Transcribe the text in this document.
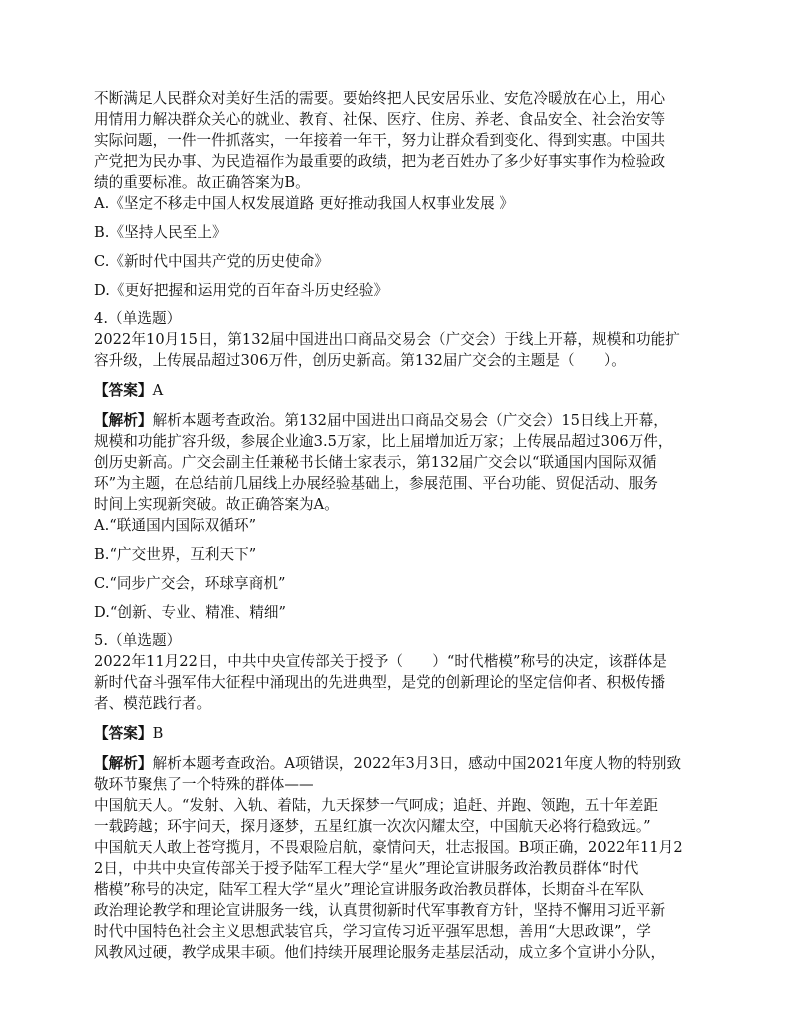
不断满足人民群众对美好生活的需要。要始终把人民安居乐业、安危冷暖放在心上，用心
用情用力解决群众关心的就业、教育、社保、医疗、住房、养老、食品安全、社会治安等
实际问题，一件一件抓落实，一年接着一年干，努力让群众看到变化、得到实惠。中国共
产党把为民办事、为民造福作为最重要的政绩，把为老百姓办了多少好事实事作为检验政
绩的重要标准。故正确答案为B。
A.《坚定不移走中国人权发展道路 更好推动我国人权事业发展 》
B.《坚持人民至上》
C.《新时代中国共产党的历史使命》
D.《更好把握和运用党的百年奋斗历史经验》
4.（单选题）
2022年10月15日，第132届中国进出口商品交易会（广交会）于线上开幕，规模和功能扩
容升级，上传展品超过306万件，创历史新高。第132届广交会的主题是（　　）。
【答案】A
【解析】解析本题考查政治。第132届中国进出口商品交易会（广交会）15日线上开幕，
规模和功能扩容升级，参展企业逾3.5万家，比上届增加近万家；上传展品超过306万件，
创历史新高。广交会副主任兼秘书长储士家表示，第132届广交会以“联通国内国际双循
环”为主题，在总结前几届线上办展经验基础上，参展范围、平台功能、贸促活动、服务
时间上实现新突破。故正确答案为A。
A.“联通国内国际双循环”
B.“广交世界，互利天下”
C.“同步广交会，环球享商机”
D.“创新、专业、精准、精细”
5.（单选题）
2022年11月22日，中共中央宣传部关于授予（　　）“时代楷模”称号的决定，该群体是
新时代奋斗强军伟大征程中涌现出的先进典型，是党的创新理论的坚定信仰者、积极传播
者、模范践行者。
【答案】B
【解析】解析本题考查政治。A项错误，2022年3月3日，感动中国2021年度人物的特别致
敬环节聚焦了一个特殊的群体——
中国航天人。“发射、入轨、着陆，九天探梦一气呵成；追赶、并跑、领跑，五十年差距
一载跨越；环宇问天，探月逐梦，五星红旗一次次闪耀太空，中国航天必将行稳致远。”
中国航天人敢上苍穹揽月，不畏艰险启航，豪情问天，壮志报国。B项正确，2022年11月2
2日，中共中央宣传部关于授予陆军工程大学“星火”理论宣讲服务政治教员群体“时代
楷模”称号的决定，陆军工程大学“星火”理论宣讲服务政治教员群体，长期奋斗在军队
政治理论教学和理论宣讲服务一线，认真贯彻新时代军事教育方针，坚持不懈用习近平新
时代中国特色社会主义思想武装官兵，学习宣传习近平强军思想，善用“大思政课”，学
风教风过硬，教学成果丰硕。他们持续开展理论服务走基层活动，成立多个宣讲小分队，
